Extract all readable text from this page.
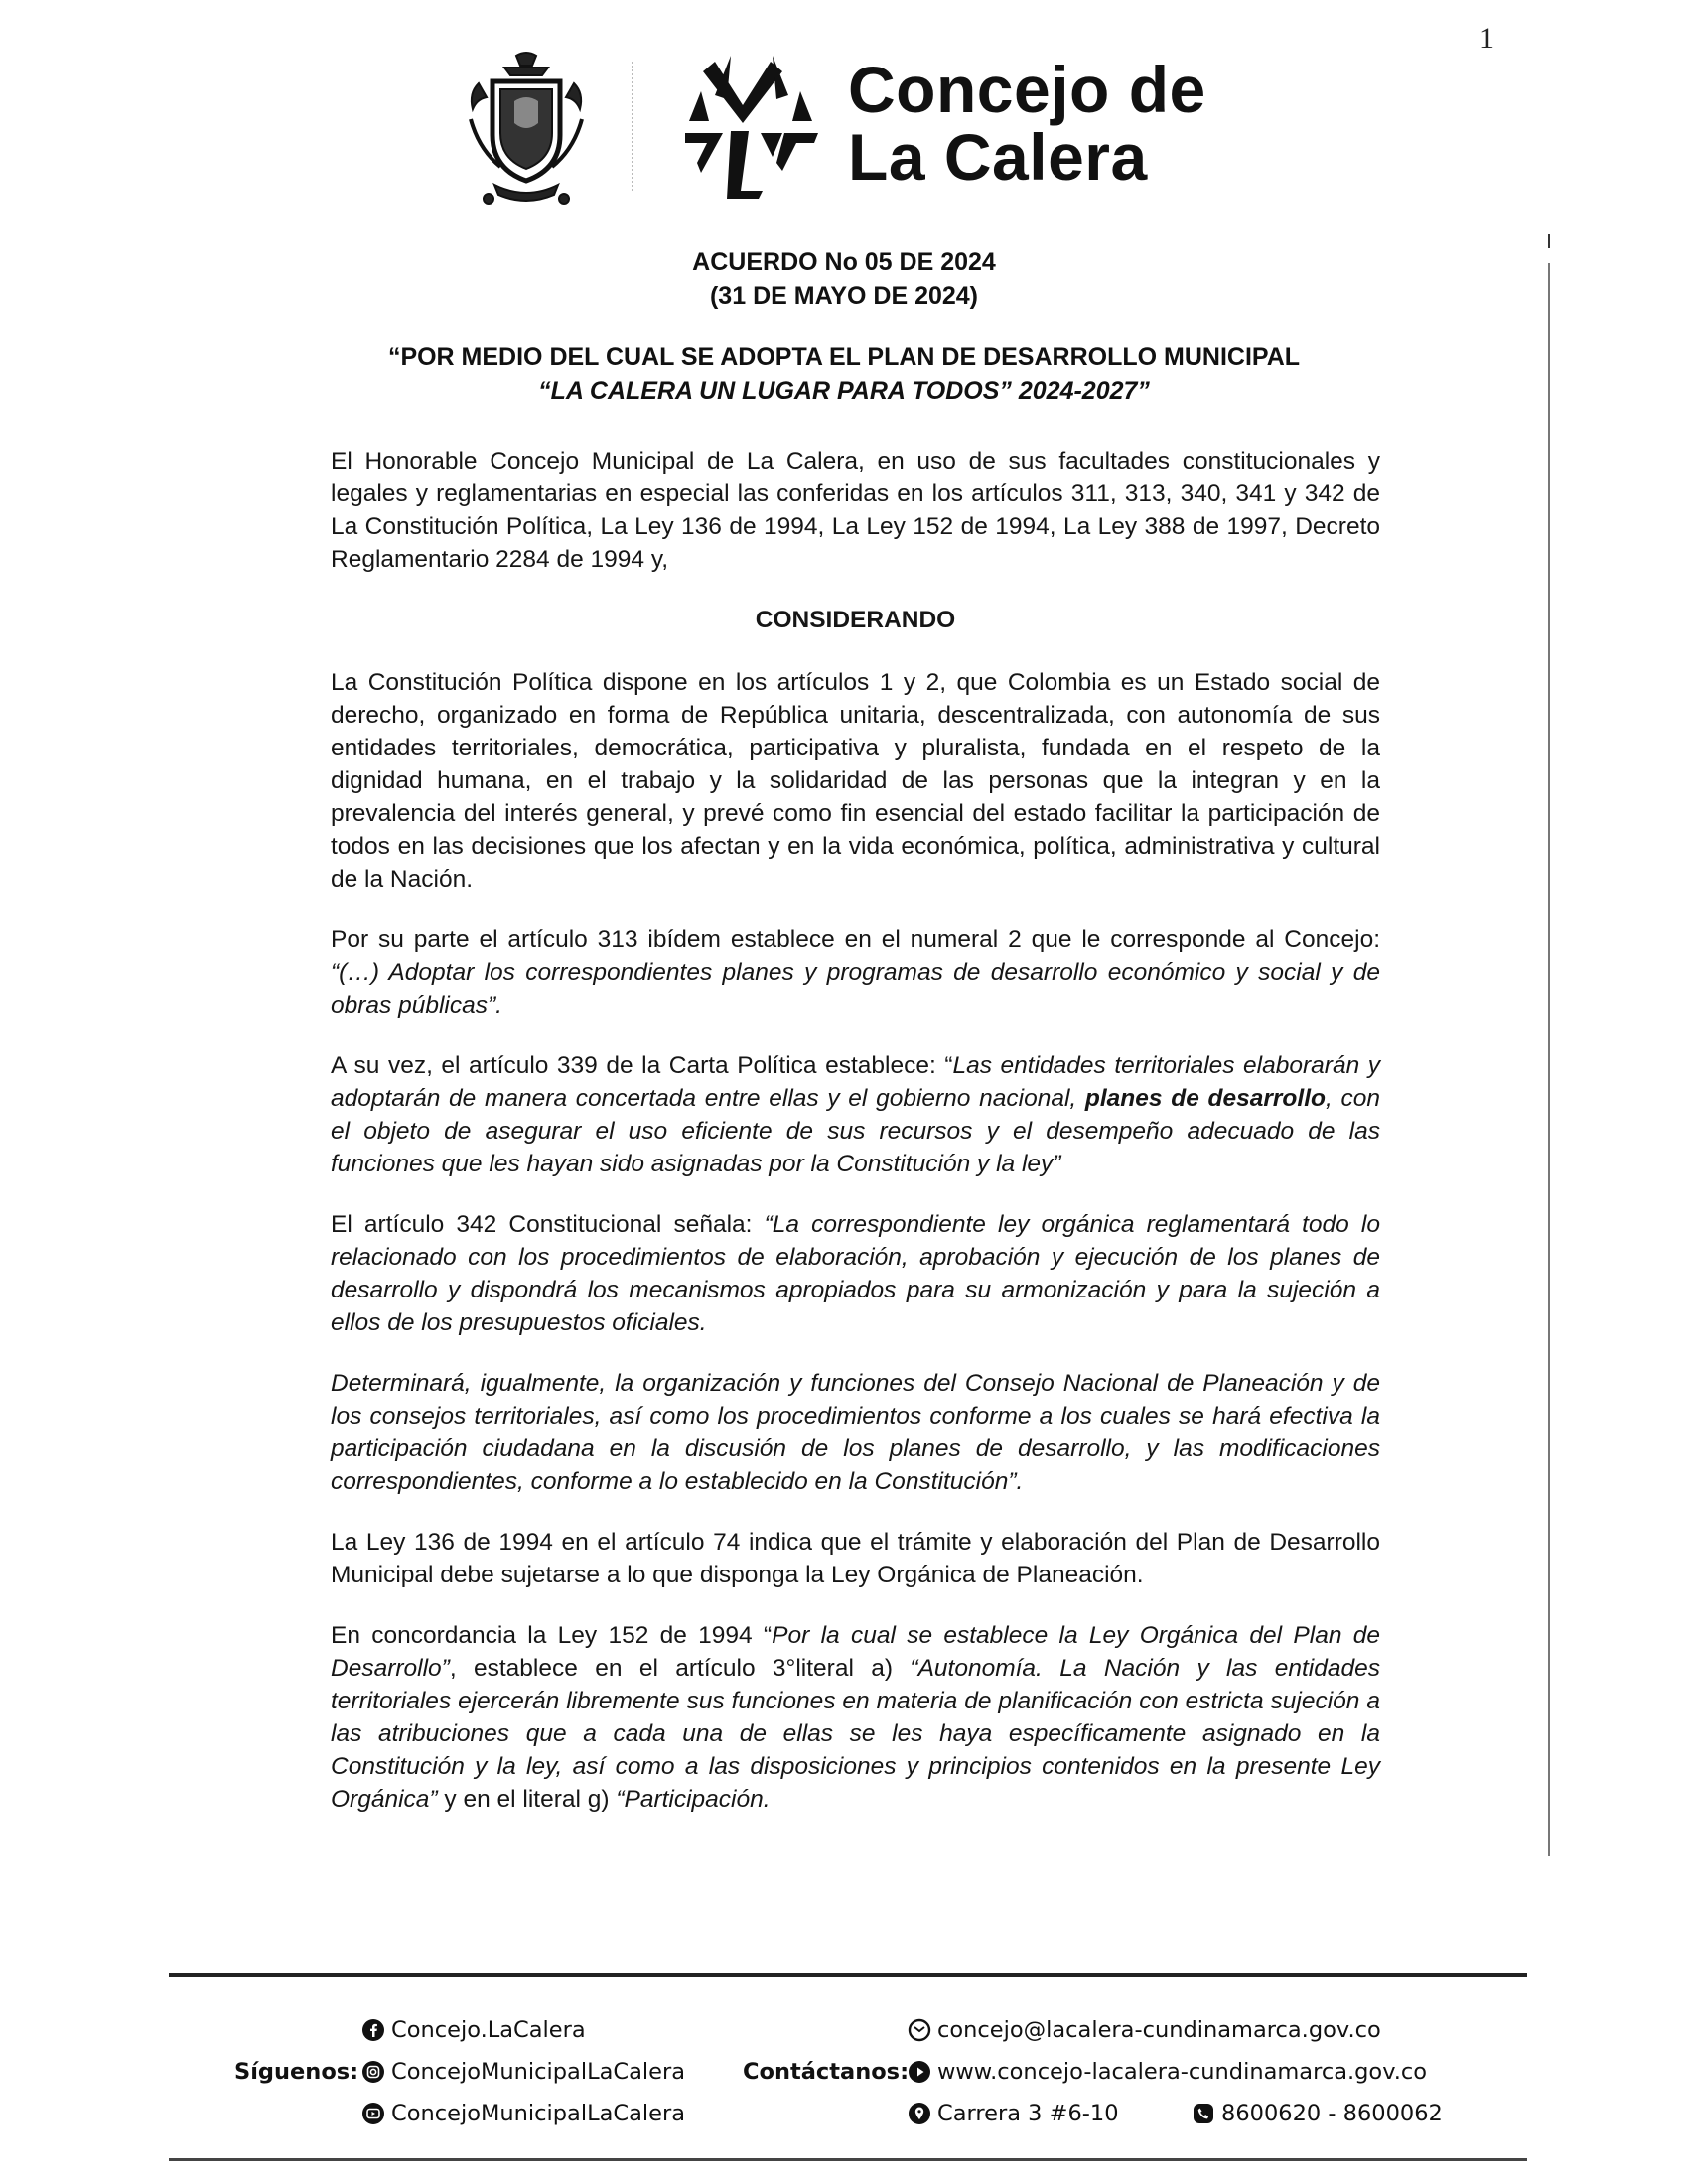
1
Concejo de
La Calera
ACUERDO No 05 DE 2024
(31 DE MAYO DE 2024)
“POR MEDIO DEL CUAL SE ADOPTA EL PLAN DE DESARROLLO MUNICIPAL
“LA CALERA UN LUGAR PARA TODOS” 2024-2027”

El Honorable Concejo Municipal de La Calera, en uso de sus facultades constitucionales y legales y reglamentarias en especial las conferidas en los artículos 311, 313, 340, 341 y 342 de La Constitución Política, La Ley 136 de 1994, La Ley 152 de 1994, La Ley 388 de 1997, Decreto Reglamentario 2284 de 1994 y,

CONSIDERANDO

La Constitución Política dispone en los artículos 1 y 2, que Colombia es un Estado social de derecho, organizado en forma de República unitaria, descentralizada, con autonomía de sus entidades territoriales, democrática, participativa y pluralista, fundada en el respeto de la dignidad humana, en el trabajo y la solidaridad de las personas que la integran y en la prevalencia del interés general, y prevé como fin esencial del estado facilitar la participación de todos en las decisiones que los afectan y en la vida económica, política, administrativa y cultural de la Nación.

Por su parte el artículo 313 ibídem establece en el numeral 2 que le corresponde al Concejo: “(…) Adoptar los correspondientes planes y programas de desarrollo económico y social y de obras públicas”.

A su vez, el artículo 339 de la Carta Política establece: “Las entidades territoriales elaborarán y adoptarán de manera concertada entre ellas y el gobierno nacional, planes de desarrollo, con el objeto de asegurar el uso eficiente de sus recursos y el desempeño adecuado de las funciones que les hayan sido asignadas por la Constitución y la ley”

El artículo 342 Constitucional señala: “La correspondiente ley orgánica reglamentará todo lo relacionado con los procedimientos de elaboración, aprobación y ejecución de los planes de desarrollo y dispondrá los mecanismos apropiados para su armonización y para la sujeción a ellos de los presupuestos oficiales.

Determinará, igualmente, la organización y funciones del Consejo Nacional de Planeación y de los consejos territoriales, así como los procedimientos conforme a los cuales se hará efectiva la participación ciudadana en la discusión de los planes de desarrollo, y las modificaciones correspondientes, conforme a lo establecido en la Constitución”.

La Ley 136 de 1994 en el artículo 74 indica que el trámite y elaboración del Plan de Desarrollo Municipal debe sujetarse a lo que disponga la Ley Orgánica de Planeación.

En concordancia la Ley 152 de 1994 “Por la cual se establece la Ley Orgánica del Plan de Desarrollo”, establece en el artículo 3°literal a) “Autonomía. La Nación y las entidades territoriales ejercerán libremente sus funciones en materia de planificación con estricta sujeción a las atribuciones que a cada una de ellas se les haya específicamente asignado en la Constitución y la ley, así como a las disposiciones y principios contenidos en la presente Ley Orgánica” y en el literal g) “Participación.

Síguenos:
Concejo.LaCalera
ConcejoMunicipalLaCalera
ConcejoMunicipalLaCalera
Contáctanos:
concejo@lacalera-cundinamarca.gov.co
www.concejo-lacalera-cundinamarca.gov.co
Carrera 3 #6-10	8600620 - 8600062
